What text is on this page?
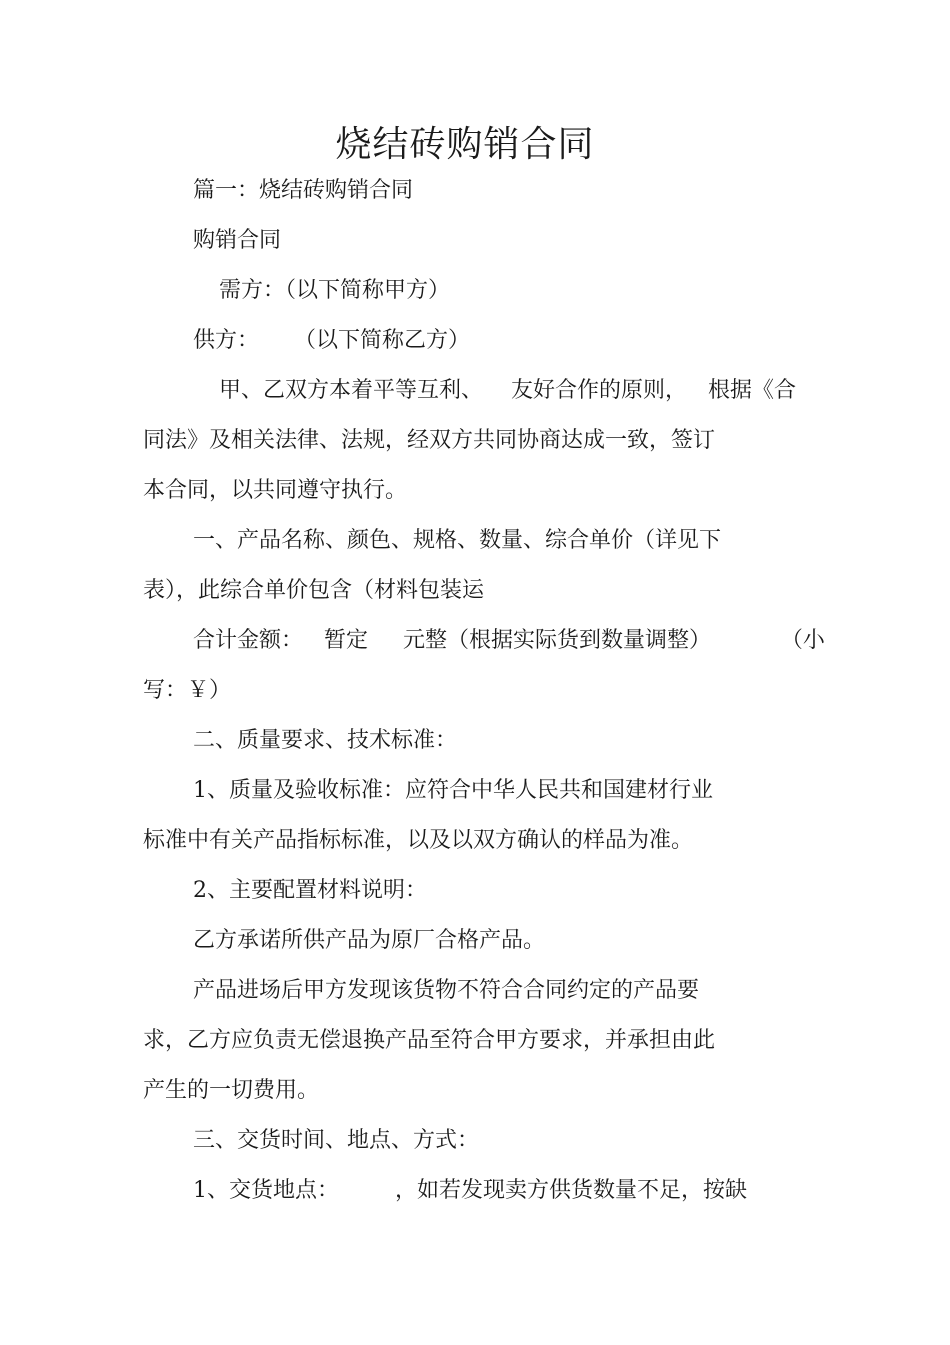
烧结砖购销合同
篇一：烧结砖购销合同
购销合同
需方：（以下简称甲方）
供方：     （以下简称乙方）
甲、乙双方本着平等互利、    友好合作的原则，   根据《合
同法》及相关法律、法规，经双方共同协商达成一致，签订
本合同，以共同遵守执行。
一、产品名称、颜色、规格、数量、综合单价（详见下
表），此综合单价包含（材料包装运
合计金额：   暂定     元整（根据实际货到数量调整）          （小
写：￥）
二、质量要求、技术标准：
1、质量及验收标准：应符合中华人民共和国建材行业
标准中有关产品指标标准，以及以双方确认的样品为准。
2、主要配置材料说明：
乙方承诺所供产品为原厂合格产品。
产品进场后甲方发现该货物不符合合同约定的产品要
求，乙方应负责无偿退换产品至符合甲方要求，并承担由此
产生的一切费用。
三、交货时间、地点、方式：
1、交货地点：        ，如若发现卖方供货数量不足，按缺
